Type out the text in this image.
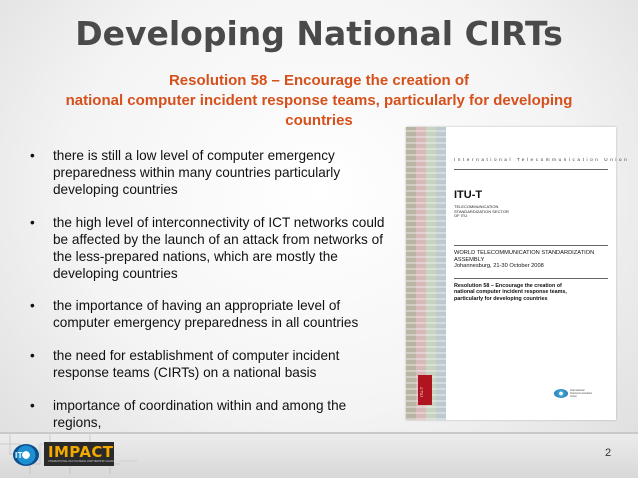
Developing National CIRTs
Resolution 58 – Encourage the creation of
national computer incident response teams, particularly for developing
countries
• there is still a low level of computer emergency
preparedness within many countries particularly
developing countries
• the high level of interconnectivity of ICT networks could
be affected by the launch of an attack from networks of
the less-prepared nations, which are mostly the
developing countries
• the importance of having an appropriate level of
computer emergency preparedness in all countries
• the need for establishment of computer incident
response teams (CIRTs) on a national basis
• importance of coordination within and among the
regions,
International Telecommunication Union
ITU-T
TELECOMMUNICATION
STANDARDIZATION SECTOR
OF ITU
WORLD TELECOMMUNICATION STANDARDIZATION
ASSEMBLY
Johannesburg, 21-30 October 2008
Resolution 58 – Encourage the creation of
national computer incident response teams,
particularly for developing countries
ITU-T	International
Telecommunication
Union
ITU IMPACT
INTERNATIONAL MULTILATERAL PARTNERSHIP AGAINST CYBER THREATS
2
